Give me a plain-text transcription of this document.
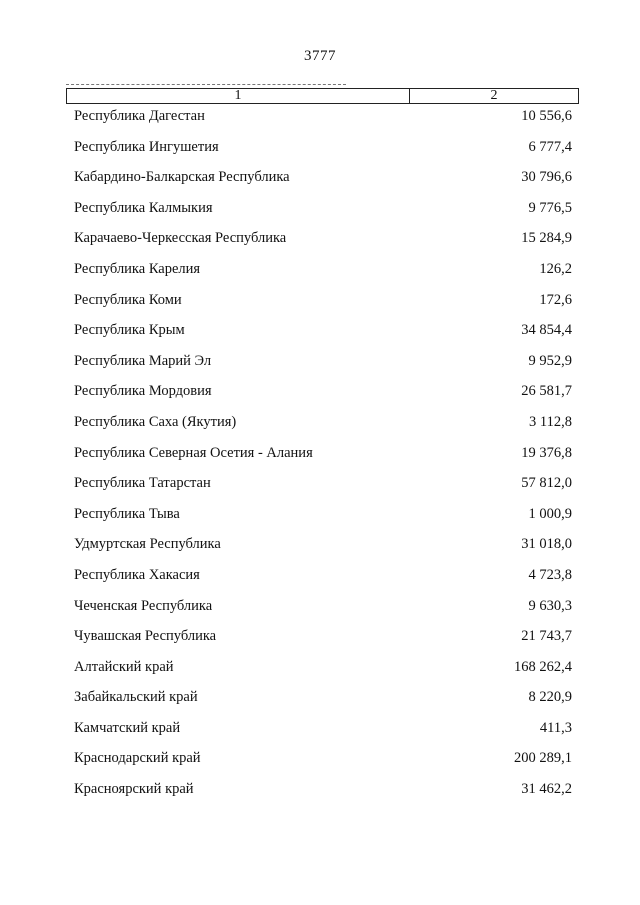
3777
1	2
Республика Дагестан	10 556,6
Республика Ингушетия	6 777,4
Кабардино-Балкарская Республика	30 796,6
Республика Калмыкия	9 776,5
Карачаево-Черкесская Республика	15 284,9
Республика Карелия	126,2
Республика Коми	172,6
Республика Крым	34 854,4
Республика Марий Эл	9 952,9
Республика Мордовия	26 581,7
Республика Саха (Якутия)	3 112,8
Республика Северная Осетия - Алания	19 376,8
Республика Татарстан	57 812,0
Республика Тыва	1 000,9
Удмуртская Республика	31 018,0
Республика Хакасия	4 723,8
Чеченская Республика	9 630,3
Чувашская Республика	21 743,7
Алтайский край	168 262,4
Забайкальский край	8 220,9
Камчатский край	411,3
Краснодарский край	200 289,1
Красноярский край	31 462,2
